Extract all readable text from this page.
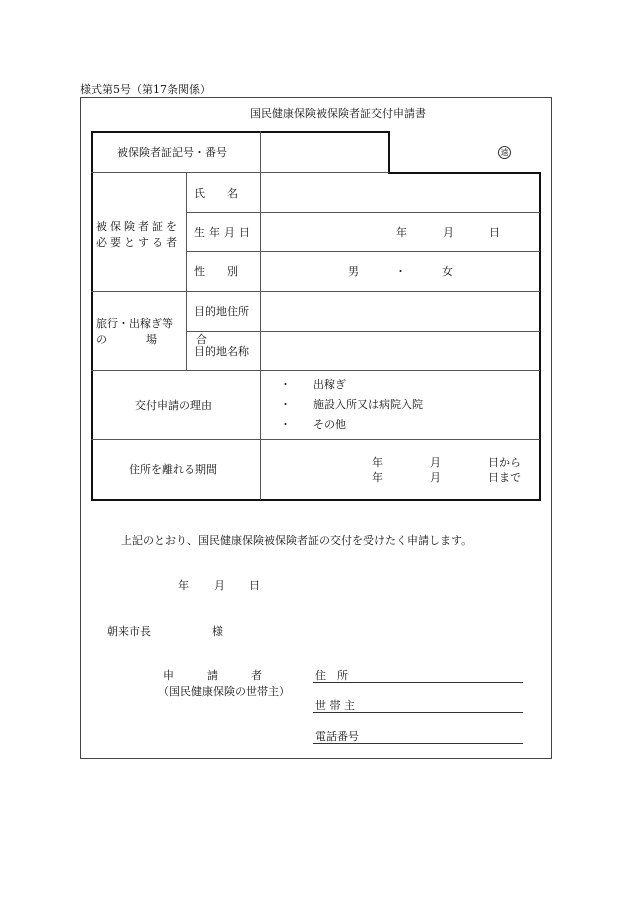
様式第5号（第17条関係）
国民健康保険被保険者証交付申請書
被保険者証記号・番号	遠
被保険者証を
必要とする者
氏　　名
生年月日	年	月	日
性　　別	男	・	女
旅行・出稼ぎ等
の　場　合
目的地住所
目的地名称
交付申請の理由
・ 出稼ぎ
・ 施設入所又は病院入院
・ その他
住所を離れる期間
年	月	日から
年	月	日まで
上記のとおり、国民健康保険被保険者証の交付を受けたく申請します。
年 月 日
朝来市長	様
申　　　請　　　者
（国民健康保険の世帯主）
住　所
世 帯 主
電話番号
